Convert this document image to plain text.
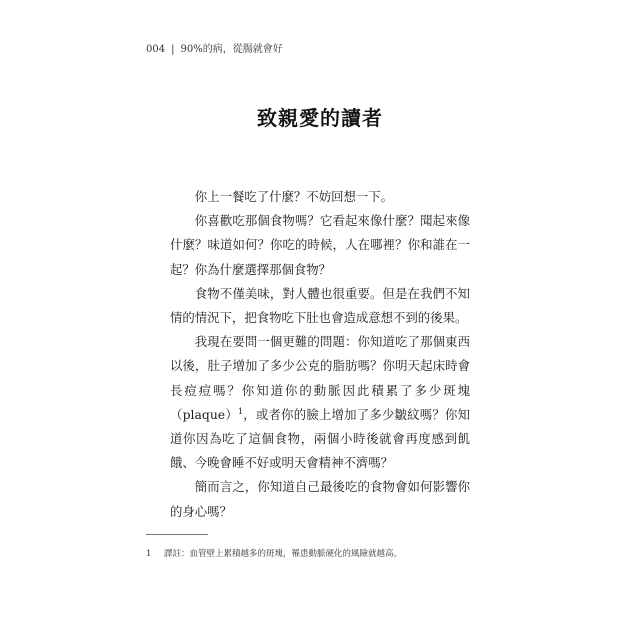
004 | 90%的病，從腸就會好
致親愛的讀者

你上一餐吃了什麼？不妨回想一下。

你喜歡吃那個食物嗎？它看起來像什麼？聞起來像什麼？味道如何？你吃的時候，人在哪裡？你和誰在一起？你為什麼選擇那個食物？

食物不僅美味，對人體也很重要。但是在我們不知情的情況下，把食物吃下肚也會造成意想不到的後果。

我現在要問一個更難的問題：你知道吃了那個東西以後，肚子增加了多少公克的脂肪嗎？你明天起床時會長痘痘嗎？你知道你的動脈因此積累了多少斑塊（plaque）$^1$，或者你的臉上增加了多少皺紋嗎？你知道你因為吃了這個食物，兩個小時後就會再度感到飢餓、今晚會睡不好或明天會精神不濟嗎？

簡而言之，你知道自己最後吃的食物會如何影響你的身心嗎？

1 譯註：血管壁上累積越多的斑塊，罹患動脈硬化的風險就越高。
